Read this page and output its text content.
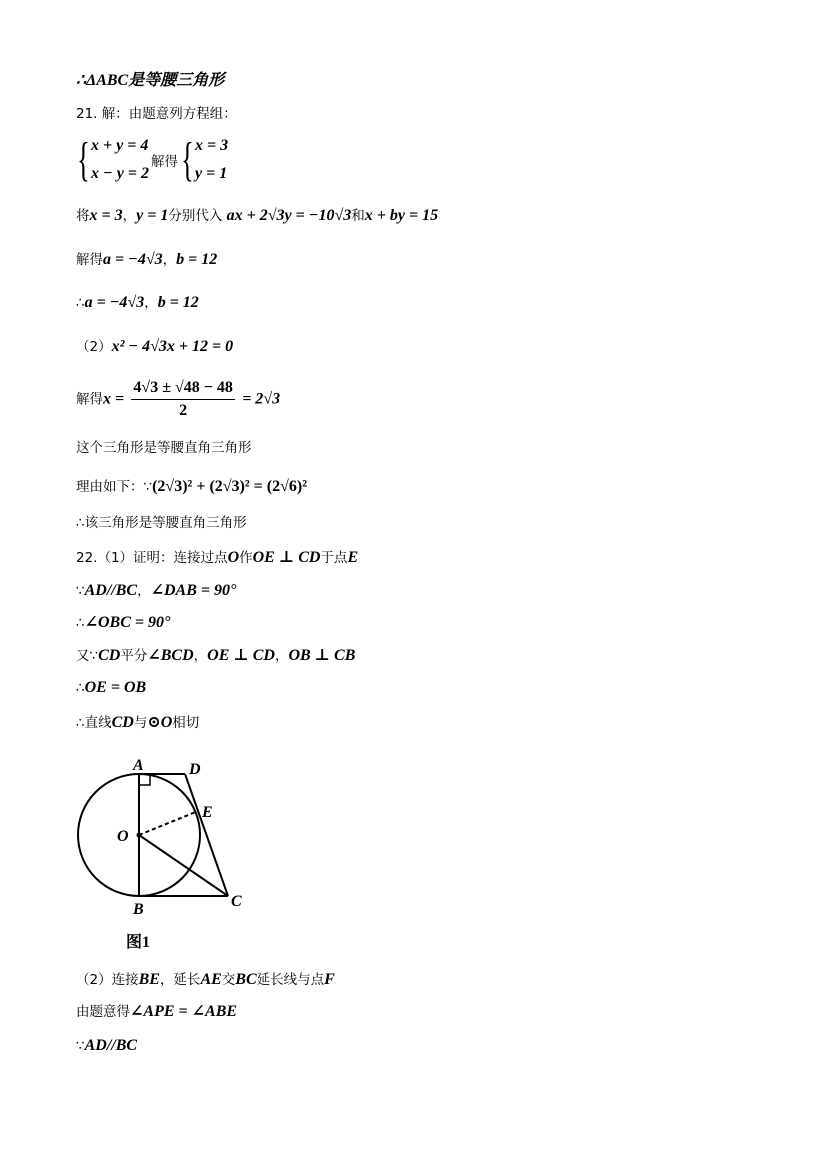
∴ΔABC是等腰三角形
21. 解：由题意列方程组：
{ x + y = 4
x − y = 2
解得 { x = 3
y = 1
将x = 3，y = 1分别代入 ax + 2√3y = −10√3和x + by = 15
解得a = −4√3，b = 12
∴a = −4√3，b = 12
（2）x² − 4√3x + 12 = 0
解得$x = \frac{4√3 \pm √48 - 48}{2} = 2√3$
这个三角形是等腰直角三角形
理由如下：∵(2√3)² + (2√3)² = (2√6)²
∴该三角形是等腰直角三角形
22.（1）证明：连接过点O作OE ⊥ CD于点E
∵AD//BC，∠DAB = 90°
∴∠OBC = 90°
又∵CD平分∠BCD，OE ⊥ CD，OB ⊥ CB
∴OE = OB
∴直线CD与⊙O相切
A	D
E
O
B	C
图1
（2）连接BE，延长AE交BC延长线与点F
由题意得∠APE = ∠ABE
∵AD//BC
